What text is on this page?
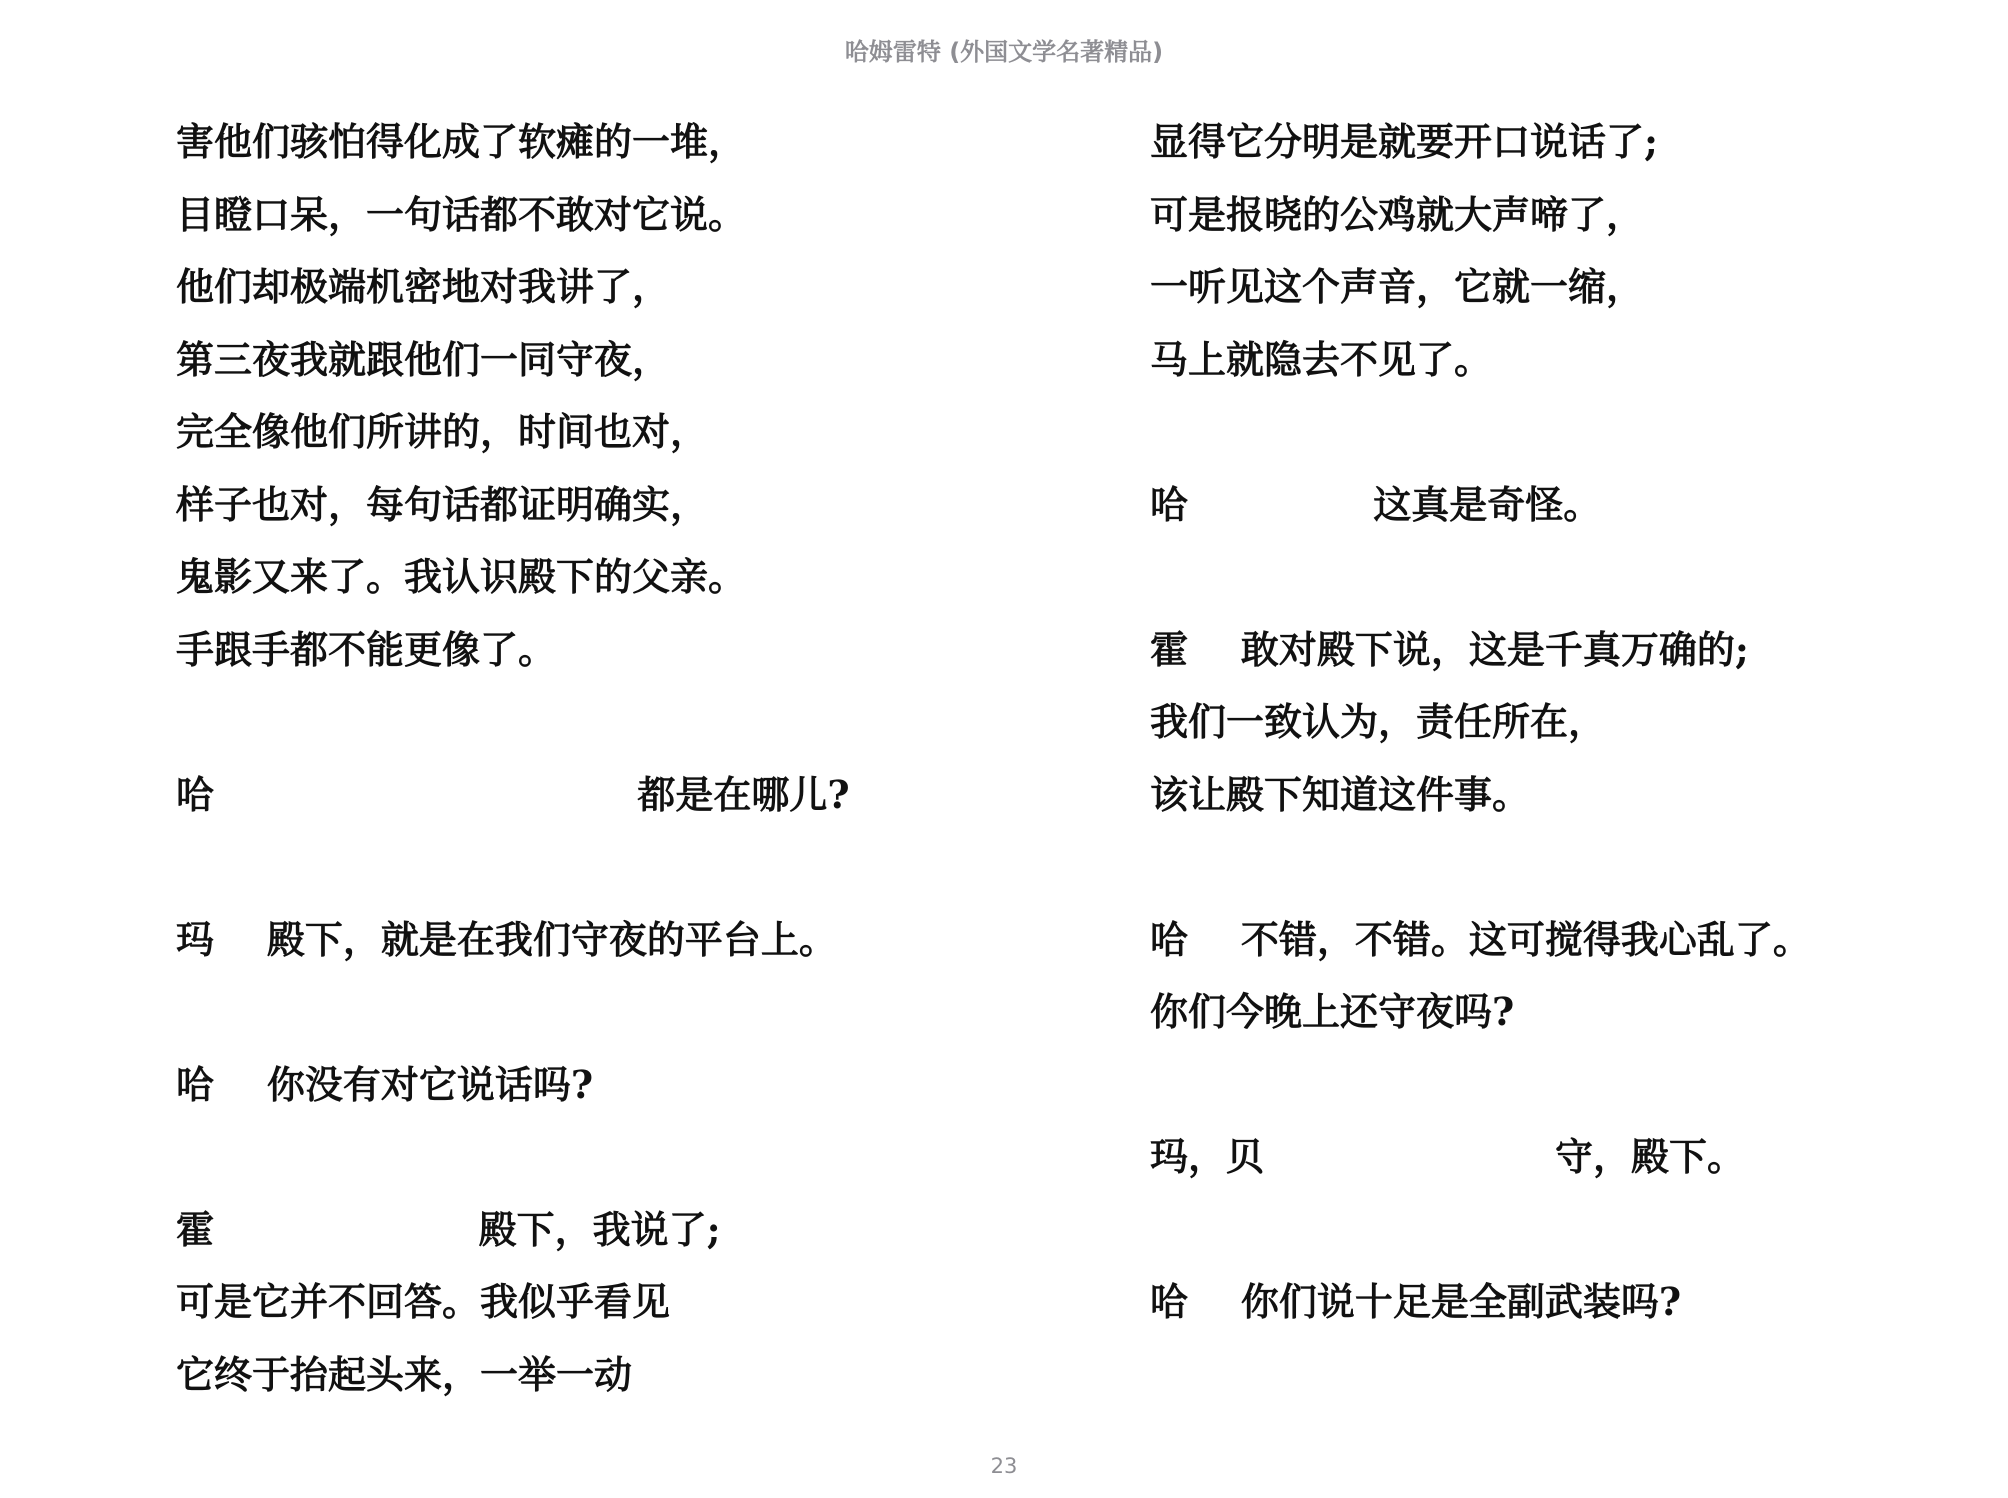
哈姆雷特 (外国文学名著精品)
害他们骇怕得化成了软瘫的一堆，
目瞪口呆，一句话都不敢对它说。
他们却极端机密地对我讲了，
第三夜我就跟他们一同守夜，
完全像他们所讲的，时间也对，
样子也对，每句话都证明确实，
鬼影又来了。我认识殿下的父亲。
手跟手都不能更像了。
哈                                都是在哪儿?
玛    殿下，就是在我们守夜的平台上。
哈    你没有对它说话吗?
霍                    殿下，我说了;
可是它并不回答。我似乎看见
它终于抬起头来，一举一动
显得它分明是就要开口说话了;
可是报晓的公鸡就大声啼了，
一听见这个声音，它就一缩，
马上就隐去不见了。
哈              这真是奇怪。
霍    敢对殿下说，这是千真万确的;
我们一致认为，责任所在，
该让殿下知道这件事。
哈    不错，不错。这可搅得我心乱了。
你们今晚上还守夜吗?
玛，贝                      守，殿下。
哈    你们说十足是全副武装吗?
23
